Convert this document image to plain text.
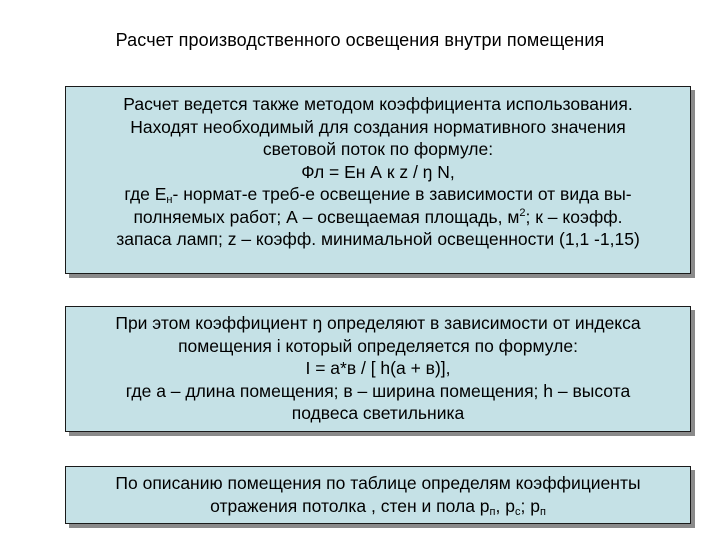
Расчет производственного освещения внутри помещения
Расчет ведется также методом коэффициента использования.
Находят необходимый для создания нормативного значения
световой поток по формуле:
Фл = Ен А к z / ŋ N,
где $Е_н-$ нормат-е треб-е освещение в зависимости от вида вы-
полняемых работ; А – освещаемая площадь, $м^2$; к – коэфф.
запаса ламп; z – коэфф. минимальной освещенности (1,1 -1,15)
При этом коэффициент ŋ определяют в зависимости от индекса
помещения i который определяется по формуле:
I = а*в / [ h(а + в)],
где а – длина помещения; в – ширина помещения; h – высота
подвеса светильника
По описанию помещения по таблице определям коэффициенты
отражения потолка , стен и пола $р_п$, $р_с$; $р_п$
